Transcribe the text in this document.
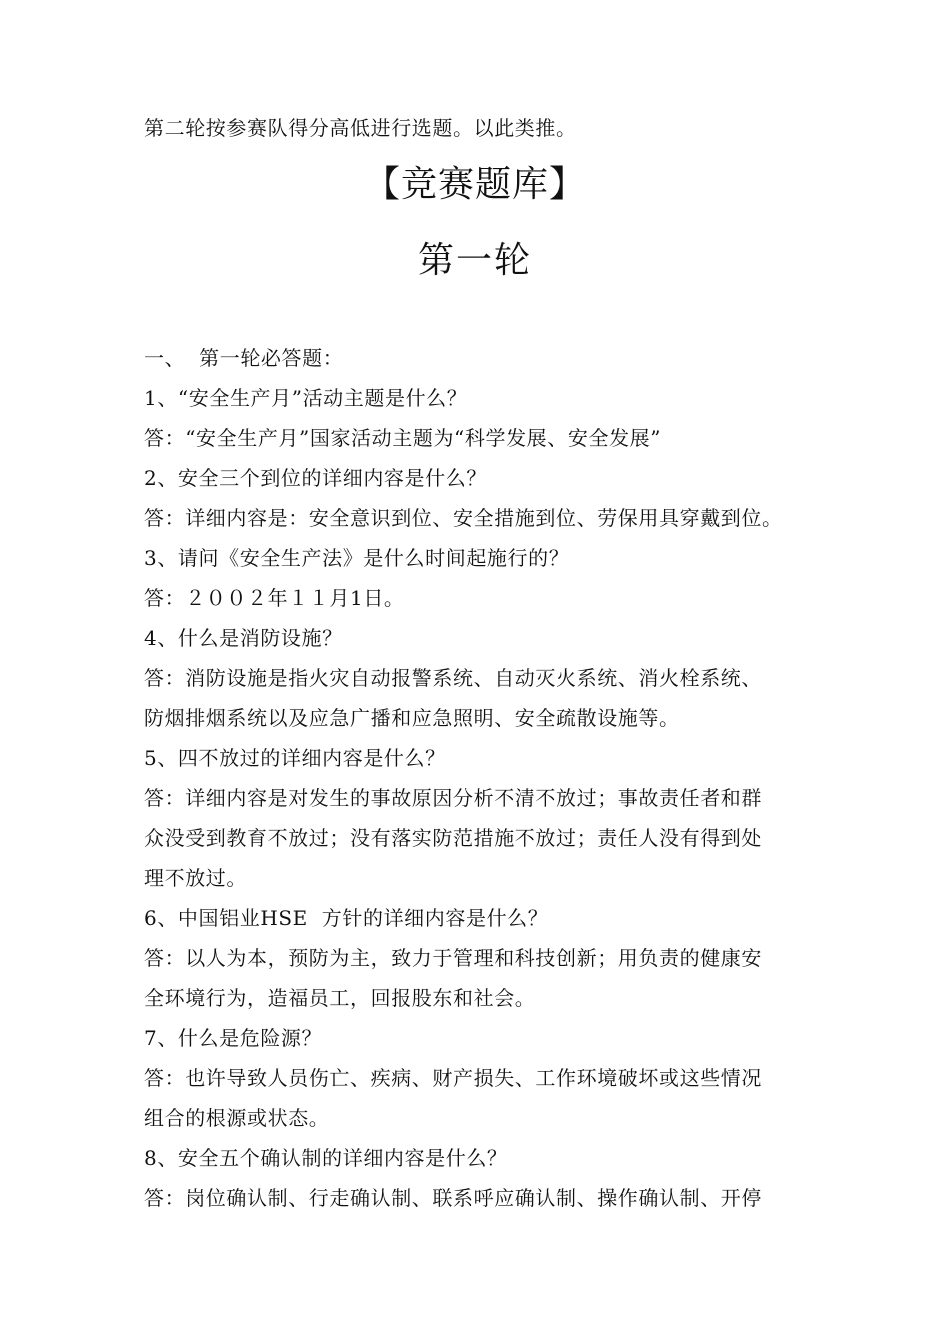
第二轮按参赛队得分高低进行选题。以此类推。
【竞赛题库】
第一轮
一、  第一轮必答题：
1、“安全生产月”活动主题是什么？
答：“安全生产月”国家活动主题为“科学发展、安全发展”
2、安全三个到位的详细内容是什么？
答：详细内容是：安全意识到位、安全措施到位、劳保用具穿戴到位。
3、请问《安全生产法》是什么时间起施行的？
答：２００２年１１月1日。
4、什么是消防设施？
答：消防设施是指火灾自动报警系统、自动灭火系统、消火栓系统、
防烟排烟系统以及应急广播和应急照明、安全疏散设施等。
5、四不放过的详细内容是什么？
答：详细内容是对发生的事故原因分析不清不放过；事故责任者和群
众没受到教育不放过；没有落实防范措施不放过；责任人没有得到处
理不放过。
6、中国铝业HSE  方针的详细内容是什么？
答：以人为本，预防为主，致力于管理和科技创新；用负责的健康安
全环境行为，造福员工，回报股东和社会。
7、什么是危险源？
答：也许导致人员伤亡、疾病、财产损失、工作环境破坏或这些情况
组合的根源或状态。
8、安全五个确认制的详细内容是什么？
答：岗位确认制、行走确认制、联系呼应确认制、操作确认制、开停
